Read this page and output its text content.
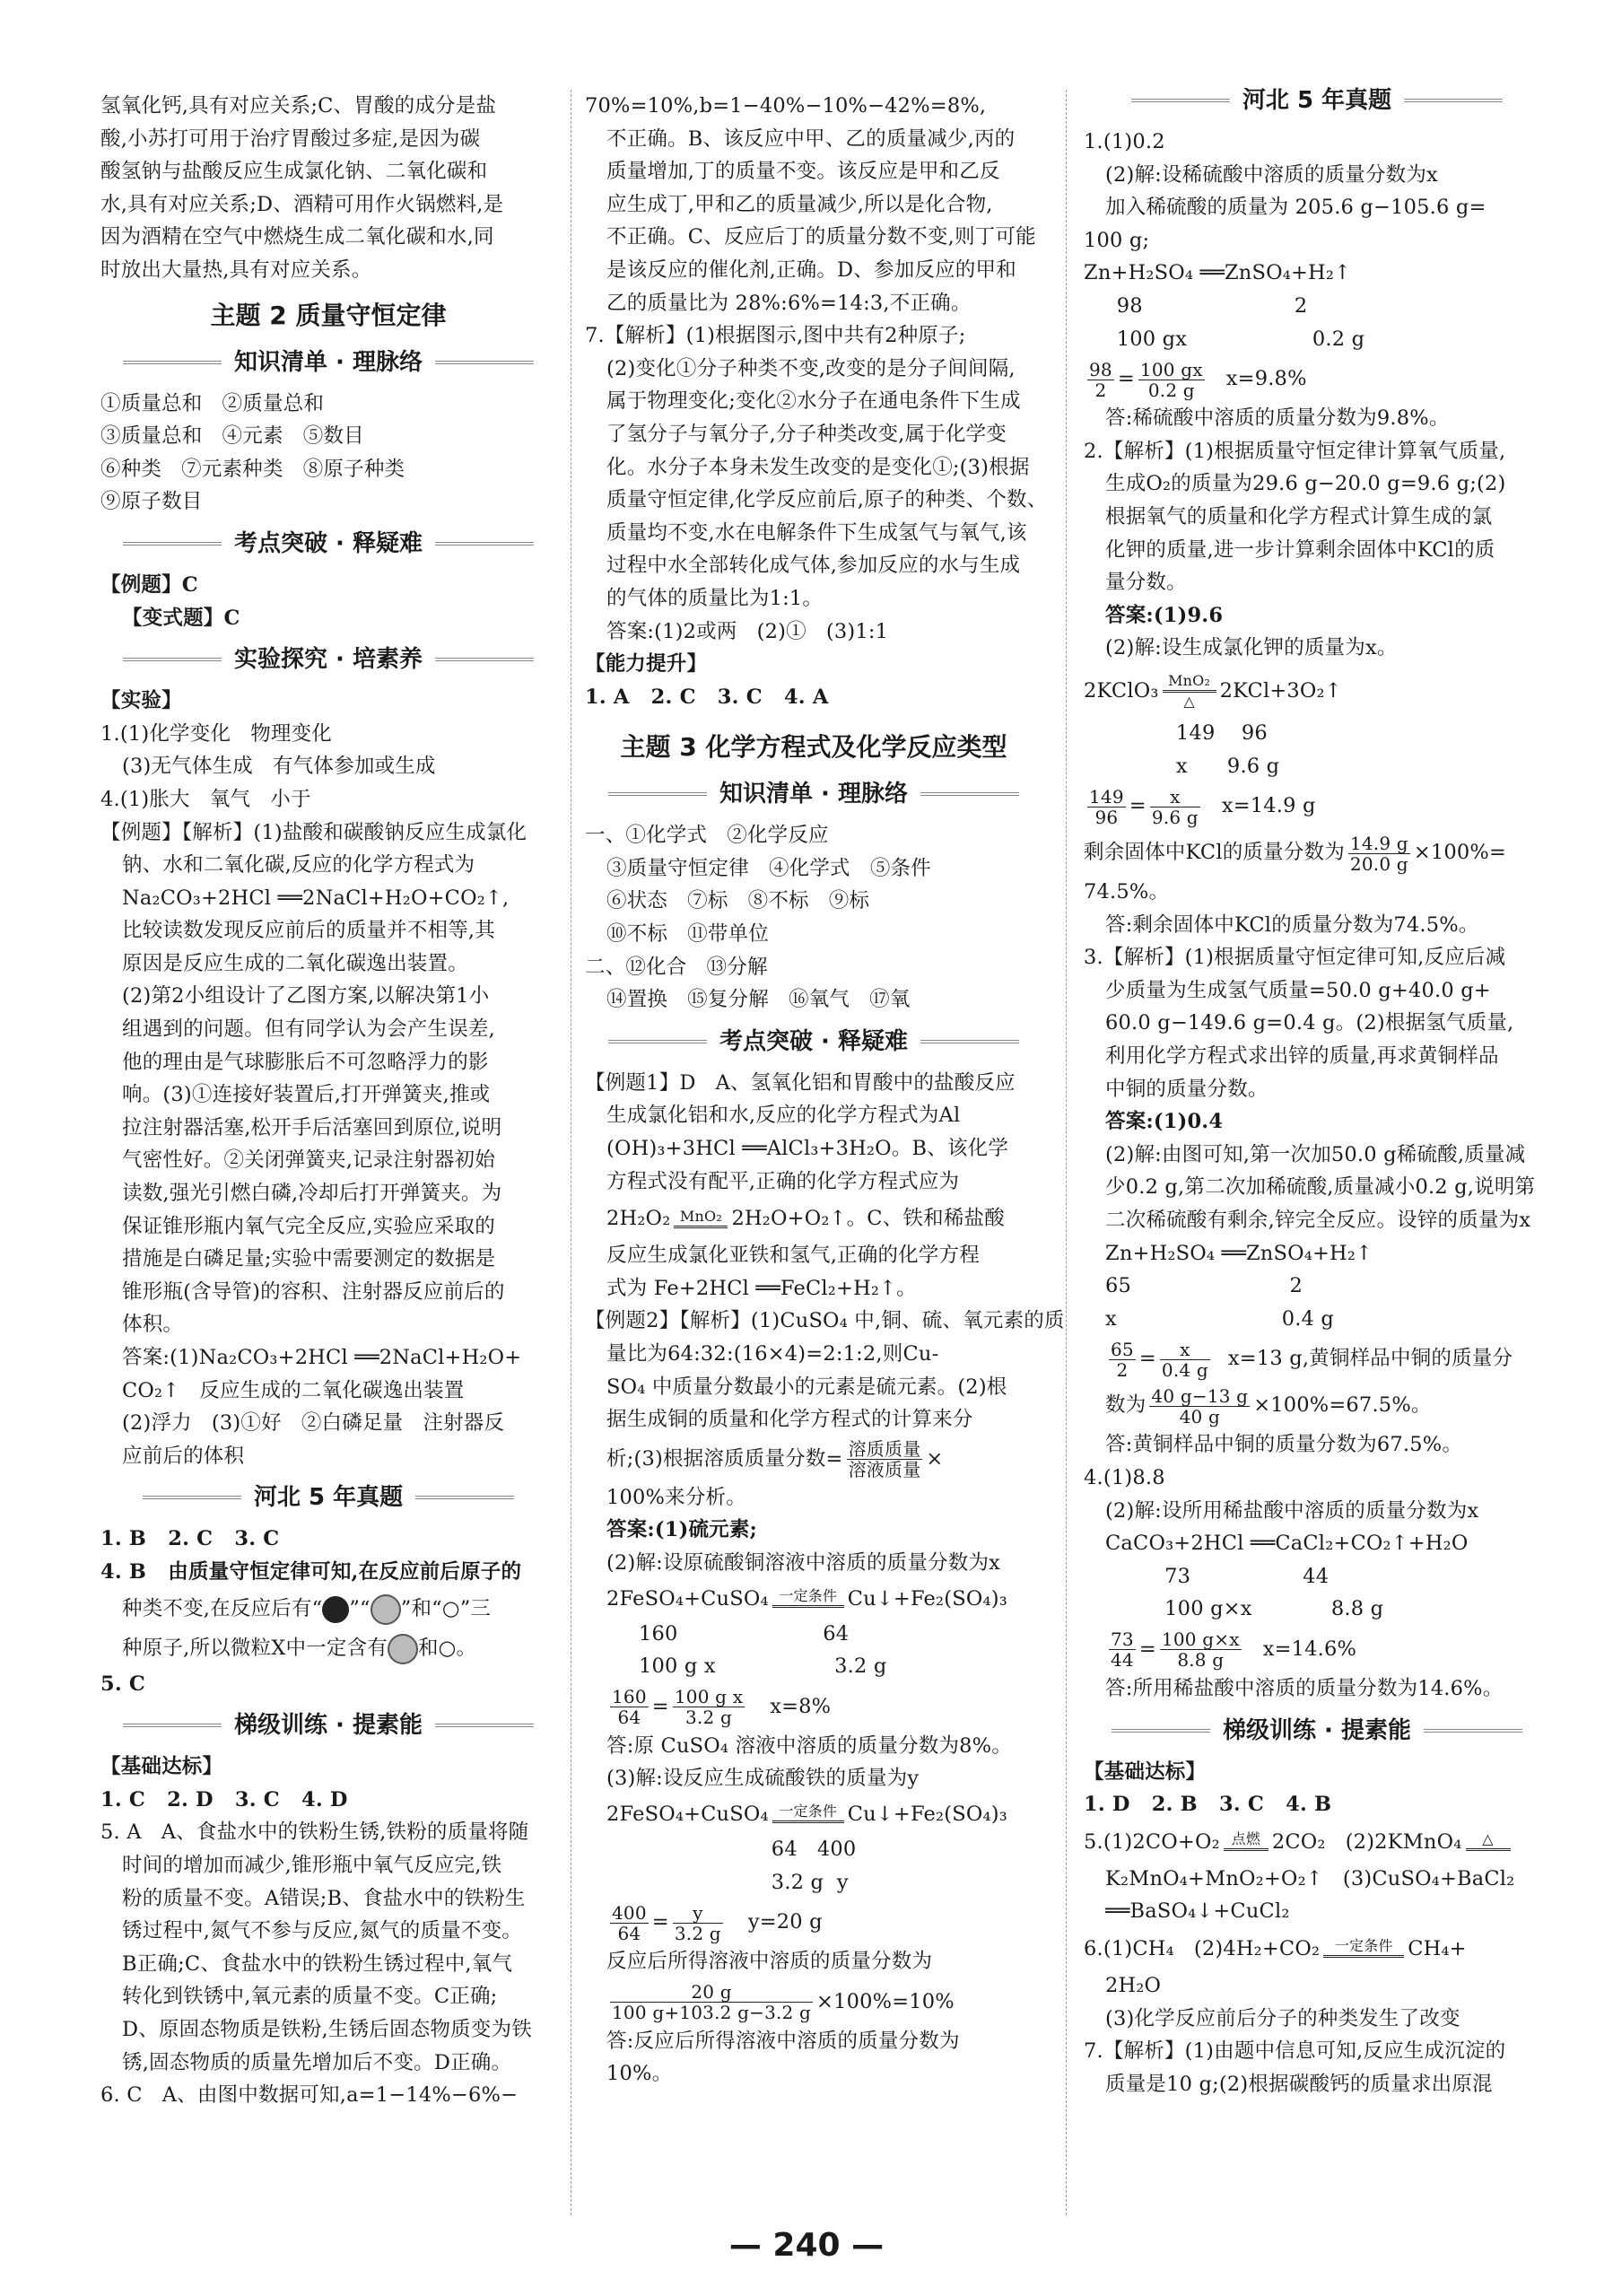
氢氧化钙,具有对应关系;C、胃酸的成分是盐
酸,小苏打可用于治疗胃酸过多症,是因为碳
酸氢钠与盐酸反应生成氯化钠、二氧化碳和
水,具有对应关系;D、酒精可用作火锅燃料,是
因为酒精在空气中燃烧生成二氧化碳和水,同
时放出大量热,具有对应关系。
主题 2 质量守恒定律
知识清单 · 理脉络
①质量总和   ②质量总和
③质量总和   ④元素   ⑤数目
⑥种类   ⑦元素种类   ⑧原子种类
⑨原子数目
考点突破 · 释疑难
【例题】C
【变式题】C
实验探究 · 培素养
【实验】
1.(1)化学变化   物理变化
(3)无气体生成   有气体参加或生成
4.(1)胀大   氧气   小于
【例题】【解析】(1)盐酸和碳酸钠反应生成氯化
钠、水和二氧化碳,反应的化学方程式为
Na₂CO₃+2HCl ══2NaCl+H₂O+CO₂↑,
比较读数发现反应前后的质量并不相等,其
原因是反应生成的二氧化碳逸出装置。
(2)第2小组设计了乙图方案,以解决第1小
组遇到的问题。但有同学认为会产生误差,
他的理由是气球膨胀后不可忽略浮力的影
响。(3)①连接好装置后,打开弹簧夹,推或
拉注射器活塞,松开手后活塞回到原位,说明
气密性好。②关闭弹簧夹,记录注射器初始
读数,强光引燃白磷,冷却后打开弹簧夹。为
保证锥形瓶内氧气完全反应,实验应采取的
措施是白磷足量;实验中需要测定的数据是
锥形瓶(含导管)的容积、注射器反应前后的
体积。
答案:(1)Na₂CO₃+2HCl ══2NaCl+H₂O+
CO₂↑   反应生成的二氧化碳逸出装置
(2)浮力   (3)①好   ②白磷足量   注射器反
应前后的体积
河北 5 年真题
1. B   2. C   3. C
4. B   由质量守恒定律可知,在反应前后原子的
种类不变,在反应后有“ ”“ ”和“○”三
种原子,所以微粒X中一定含有 和○。
5. C
梯级训练 · 提素能
【基础达标】
1. C   2. D   3. C   4. D
5. A   A、食盐水中的铁粉生锈,铁粉的质量将随
时间的增加而减少,锥形瓶中氧气反应完,铁
粉的质量不变。A错误;B、食盐水中的铁粉生
锈过程中,氮气不参与反应,氮气的质量不变。
B正确;C、食盐水中的铁粉生锈过程中,氧气
转化到铁锈中,氧元素的质量不变。C正确;
D、原固态物质是铁粉,生锈后固态物质变为铁
锈,固态物质的质量先增加后不变。D正确。
6. C   A、由图中数据可知,a=1−14%−6%−
70%=10%,b=1−40%−10%−42%=8%,
不正确。B、该反应中甲、乙的质量减少,丙的
质量增加,丁的质量不变。该反应是甲和乙反
应生成丁,甲和乙的质量减少,所以是化合物,
不正确。C、反应后丁的质量分数不变,则丁可能
是该反应的催化剂,正确。D、参加反应的甲和
乙的质量比为 28%:6%=14:3,不正确。
7.【解析】(1)根据图示,图中共有2种原子;
(2)变化①分子种类不变,改变的是分子间间隔,
属于物理变化;变化②水分子在通电条件下生成
了氢分子与氧分子,分子种类改变,属于化学变
化。水分子本身未发生改变的是变化①;(3)根据
质量守恒定律,化学反应前后,原子的种类、个数、
质量均不变,水在电解条件下生成氢气与氧气,该
过程中水全部转化成气体,参加反应的水与生成
的气体的质量比为1:1。
答案:(1)2或两   (2)①   (3)1:1
【能力提升】
1. A   2. C   3. C   4. A
主题 3 化学方程式及化学反应类型
知识清单 · 理脉络
一、①化学式   ②化学反应
③质量守恒定律   ④化学式   ⑤条件
⑥状态   ⑦标   ⑧不标   ⑨标
⑩不标   ⑪带单位
二、⑫化合   ⑬分解
⑭置换   ⑮复分解   ⑯氧气   ⑰氧
考点突破 · 释疑难
【例题1】D   A、氢氧化铝和胃酸中的盐酸反应
生成氯化铝和水,反应的化学方程式为Al
(OH)₃+3HCl ══AlCl₃+3H₂O。B、该化学
方程式没有配平,正确的化学方程式应为
2H₂O₂ MnO₂ 2H₂O+O₂↑。C、铁和稀盐酸
反应生成氯化亚铁和氢气,正确的化学方程
式为 Fe+2HCl ══FeCl₂+H₂↑。
【例题2】【解析】(1)CuSO₄ 中,铜、硫、氧元素的质
量比为64:32:(16×4)=2:1:2,则Cu-
SO₄ 中质量分数最小的元素是硫元素。(2)根
据生成铜的质量和化学方程式的计算来分
析;(3)根据溶质质量分数= $\frac{\text{溶质质量}}{\text{溶液质量}}$ ×
100%来分析。
答案:(1)硫元素;
(2)解:设原硫酸铜溶液中溶质的质量分数为x
2FeSO₄+CuSO₄ 一定条件 Cu↓+Fe₂(SO₄)₃
160                      64
100 g x                  3.2 g
$\frac{160}{64} = \frac{\text{100 g x}}{3.2 g} x=8\%$
答:原 CuSO₄ 溶液中溶质的质量分数为8%。
(3)解:设反应生成硫酸铁的质量为y
2FeSO₄+CuSO₄ 一定条件 Cu↓+Fe₂(SO₄)₃
64   400
3.2 g  y
$\frac{400}{64} = \frac{y}{3.2 g} y=20$ g
反应后所得溶液中溶质的质量分数为
$\frac{20 g}{100 g+103.2 g-3.2 g} \times 100\%=10\%$
答:反应后所得溶液中溶质的质量分数为
10%。
河北 5 年真题
1.(1)0.2
(2)解:设稀硫酸中溶质的质量分数为x
加入稀硫酸的质量为 205.6 g−105.6 g=
100 g;
Zn+H₂SO₄ ══ZnSO₄+H₂↑
98                       2
100 gx                   0.2 g
$\frac{98}{2} = \frac{100 gx}{0.2 g} x=9.8\%$
答:稀硫酸中溶质的质量分数为9.8%。
2.【解析】(1)根据质量守恒定律计算氧气质量,
生成O₂的质量为29.6 g−20.0 g=9.6 g;(2)
根据氧气的质量和化学方程式计算生成的氯
化钾的质量,进一步计算剩余固体中KCl的质
量分数。
答案:(1)9.6
(2)解:设生成氯化钾的质量为x。
2KClO₃ MnO₂
△	2KCl+3O₂↑
149    96
x      9.6 g
$\frac{149}{96} = \frac{x}{9.6 g} x=14.9$ g
剩余固体中KCl的质量分数为 $\frac{14.9 g}{20.0 g} \times 100\%=$
74.5%。
答:剩余固体中KCl的质量分数为74.5%。
3.【解析】(1)根据质量守恒定律可知,反应后减
少质量为生成氢气质量=50.0 g+40.0 g+
60.0 g−149.6 g=0.4 g。(2)根据氢气质量,
利用化学方程式求出锌的质量,再求黄铜样品
中铜的质量分数。
答案:(1)0.4
(2)解:由图可知,第一次加50.0 g稀硫酸,质量减
少0.2 g,第二次加稀硫酸,质量减小0.2 g,说明第
二次稀硫酸有剩余,锌完全反应。设锌的质量为x
Zn+H₂SO₄ ══ZnSO₄+H₂↑
65                        2
x                         0.4 g
$\frac{65}{2} = \frac{x}{0.4 g} x=13$ g,黄铜样品中铜的质量分
数为 $\frac{40 g-13 g}{40 g} \times 100\%=67.5\%$。
答:黄铜样品中铜的质量分数为67.5%。
4.(1)8.8
(2)解:设所用稀盐酸中溶质的质量分数为x
CaCO₃+2HCl ══CaCl₂+CO₂↑+H₂O
73                 44
100 g×x            8.8 g
$\frac{73}{44} = \frac{100 g\times x}{8.8 g} x=14.6\%$
答:所用稀盐酸中溶质的质量分数为14.6%。
梯级训练 · 提素能
【基础达标】
1. D   2. B   3. C   4. B
5.(1)2CO+O₂ 点燃 2CO₂   (2)2KMnO₄	△
K₂MnO₄+MnO₂+O₂↑   (3)CuSO₄+BaCl₂
══BaSO₄↓+CuCl₂
6.(1)CH₄   (2)4H₂+CO₂	一定条件 CH₄+
2H₂O
(3)化学反应前后分子的种类发生了改变
7.【解析】(1)由题中信息可知,反应生成沉淀的
质量是10 g;(2)根据碳酸钙的质量求出原混
— 240 —
